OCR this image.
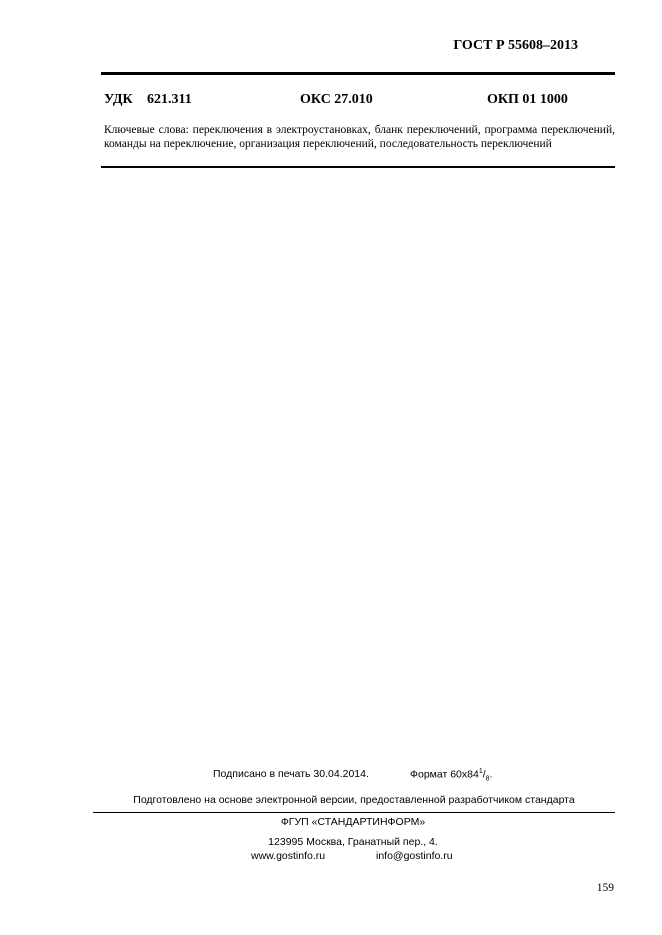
ГОСТ Р 55608–2013
УДК 621.311	ОКС 27.010	ОКП 01 1000
Ключевые слова: переключения в электроустановках, бланк переключений, программа переключений, команды на переключение, организация переключений, последовательность переключений
Подписано в печать 30.04.2014.	Формат $60x84^1/_8$.
Подготовлено на основе электронной версии, предоставленной разработчиком стандарта
ФГУП «СТАНДАРТИНФОРМ»
123995 Москва, Гранатный пер., 4.
www.gostinfo.ru	info@gostinfo.ru
159
